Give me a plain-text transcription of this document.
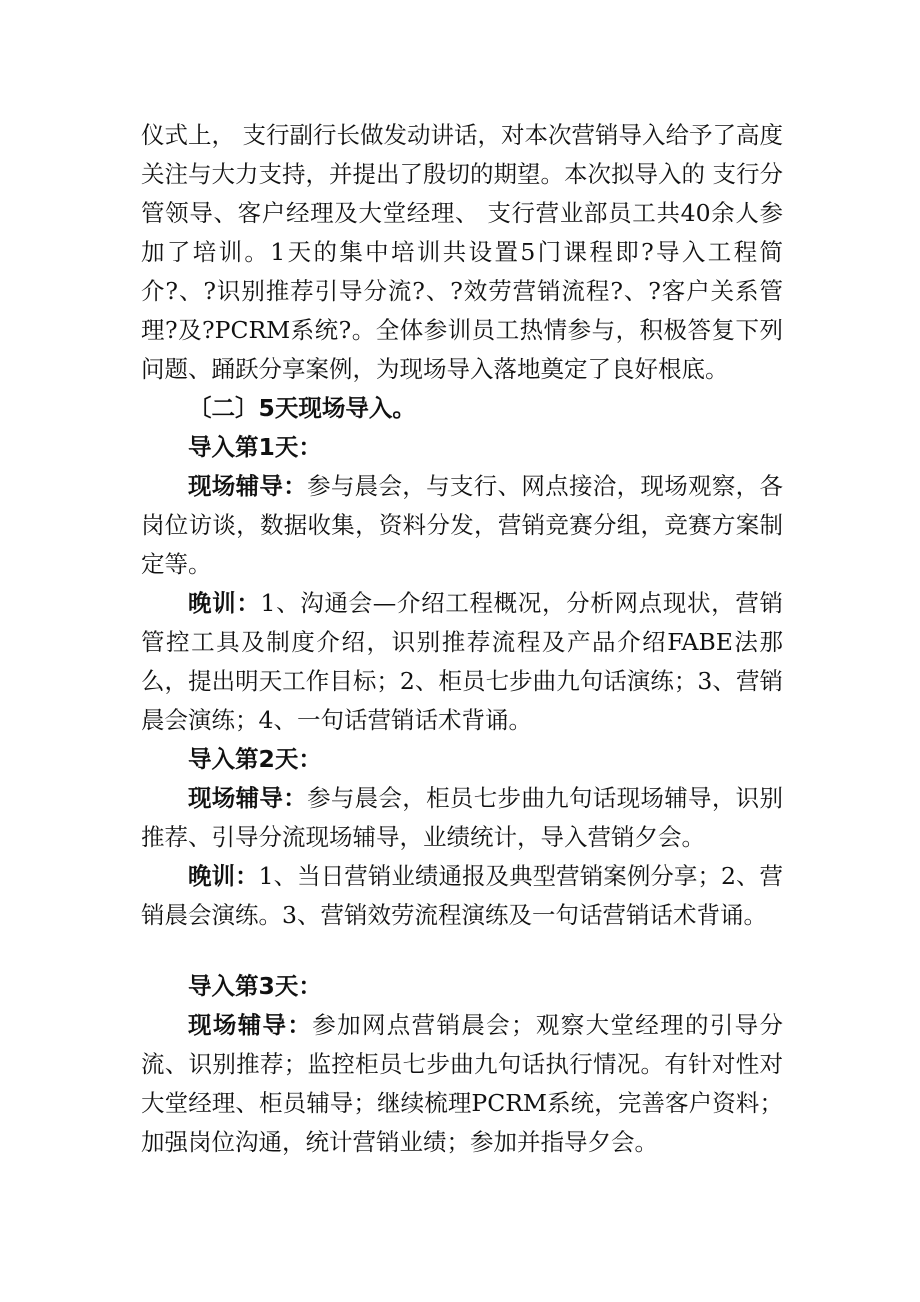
仪式上， 支行副行长做发动讲话，对本次营销导入给予了高度关注与大力支持，并提出了殷切的期望。本次拟导入的 支行分管领导、客户经理及大堂经理、 支行营业部员工共40余人参加了培训。1天的集中培训共设置5门课程即?导入工程简介?、?识别推荐引导分流?、?效劳营销流程?、?客户关系管理?及?PCRM系统?。全体参训员工热情参与，积极答复下列问题、踊跃分享案例，为现场导入落地奠定了良好根底。

〔二〕5天现场导入。

导入第1天：

现场辅导：参与晨会，与支行、网点接洽，现场观察，各岗位访谈，数据收集，资料分发，营销竞赛分组，竞赛方案制定等。

晚训：1、沟通会—介绍工程概况，分析网点现状，营销管控工具及制度介绍，识别推荐流程及产品介绍FABE法那么，提出明天工作目标；2、柜员七步曲九句话演练；3、营销晨会演练；4、一句话营销话术背诵。

导入第2天：

现场辅导：参与晨会，柜员七步曲九句话现场辅导，识别推荐、引导分流现场辅导，业绩统计，导入营销夕会。

晚训：1、当日营销业绩通报及典型营销案例分享；2、营销晨会演练。3、营销效劳流程演练及一句话营销话术背诵。

导入第3天：

现场辅导：参加网点营销晨会；观察大堂经理的引导分流、识别推荐；监控柜员七步曲九句话执行情况。有针对性对大堂经理、柜员辅导；继续梳理PCRM系统，完善客户资料；加强岗位沟通，统计营销业绩；参加并指导夕会。
